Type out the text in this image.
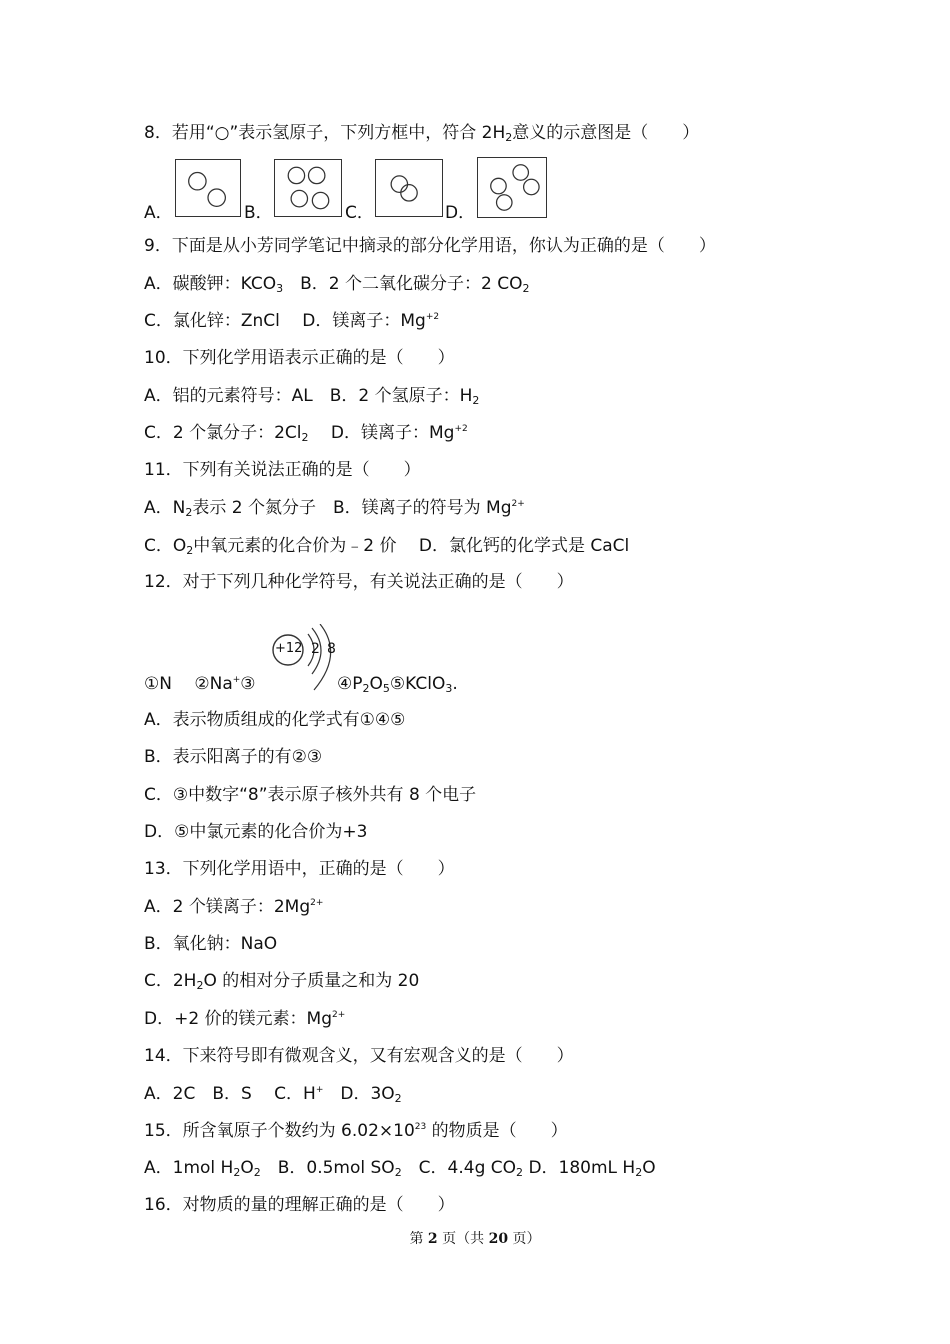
8．若用“○”表示氢原子，下列方框中，符合 $2H_2$意义的示意图是（　　）
A．	B．	C．	D．
9．下面是从小芳同学笔记中摘录的部分化学用语，你认为正确的是（　　）
A．碳酸钾：$KCO_3$　B．2 个二氧化碳分子：2 $CO_2$
C．氯化锌：ZnCl　 D．镁离子：$Mg^{+2}$
10．下列化学用语表示正确的是（　　）
A．铝的元素符号：AL　B．2 个氢原子：$H_2$
C．2 个氯分子：$2Cl_2$　 D．镁离子：$Mg^{+2}$
11．下列有关说法正确的是（　　）
A．$N_2$表示 2 个氮分子　B．镁离子的符号为 $Mg^{2+}$
C．$O_2$中氧元素的化合价为﹣2 价　 D．氯化钙的化学式是 CaCl
12．对于下列几种化学符号，有关说法正确的是（　　）
+12 2 8
①N　 ②Na+③	$④P_2O_5⑤KClO_3$.
A．表示物质组成的化学式有①④⑤
B．表示阳离子的有②③
C．③中数字“8”表示原子核外共有 8 个电子
D．⑤中氯元素的化合价为+3
13．下列化学用语中，正确的是（　　）
A．2 个镁离子：$2Mg^{2+}$
B．氧化钠：NaO
C．$2H_2O$ 的相对分子质量之和为 20
D．+2 价的镁元素：$Mg^{2+}$
14．下来符号即有微观含义，又有宏观含义的是（　　）
A．2C　B．S　 C．H+　D．$3O_2$
15．所含氧原子个数约为 $6.02\times 10^{23}$ 的物质是（　　）
A．1mol $H_2O_2$　B．0.5mol $SO_2$　C．4.4g $CO_2$ D．180mL $H_2O$
16．对物质的量的理解正确的是（　　）
第 2 页（共 20 页）
